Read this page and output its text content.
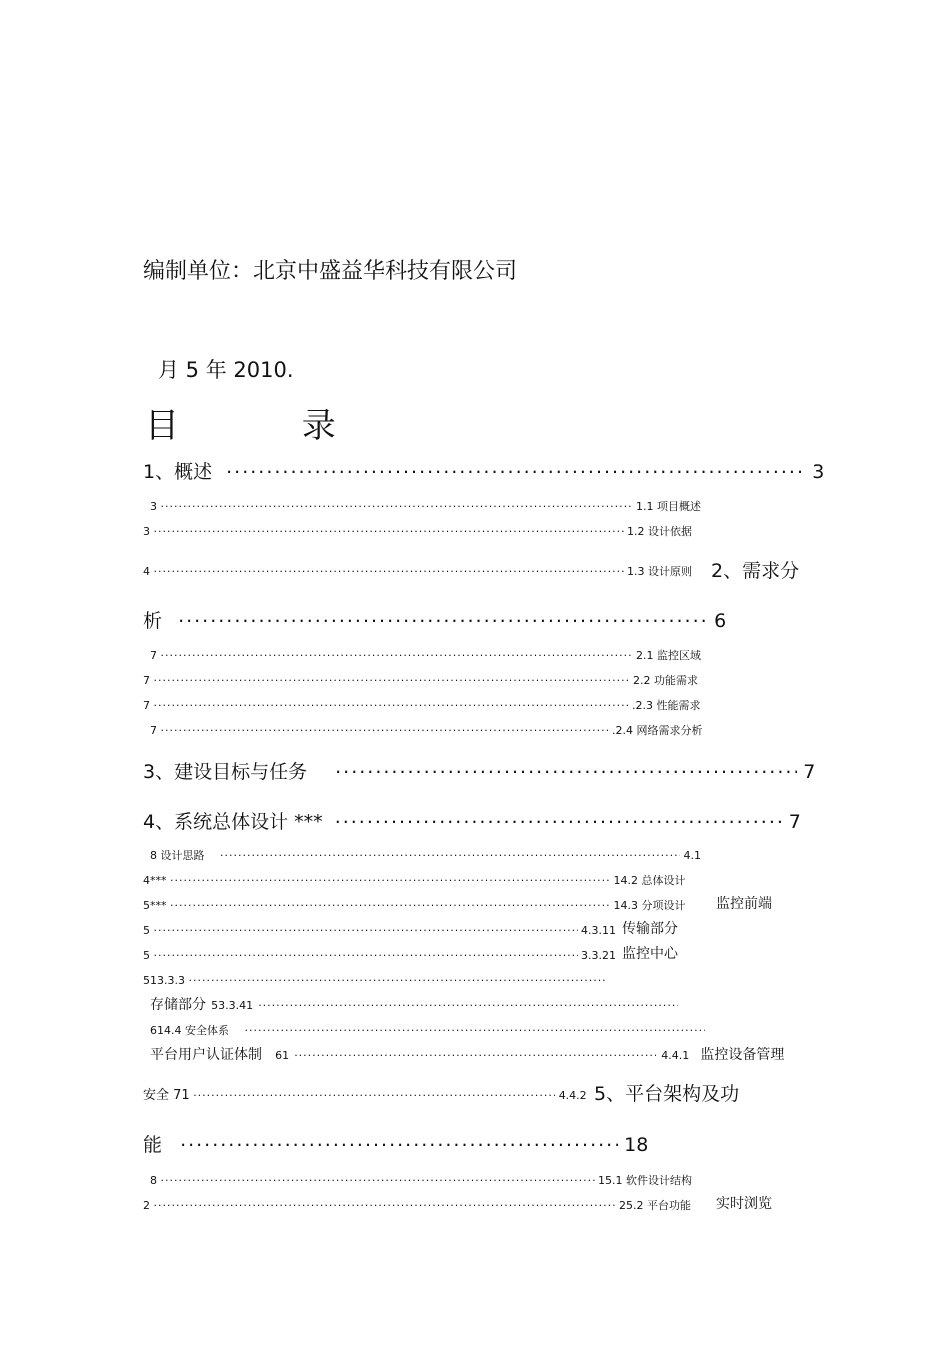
编制单位：北京中盛益华科技有限公司
月 5 年 2010.
目 录
1、概述 .....	3
3 .....	1.1 项目概述
3 .....	1.2 设计依据
4 .....	1.3 设计原则 2、需求分
析 .....	6
7 .....	2.1 监控区域
7 .....	2.2 功能需求
7 .....	.2.3 性能需求
7 .....	.2.4 网络需求分析
3、建设目标与任务 .....	7
4、系统总体设计 *** .....	7
8 设计思路 .....	4.1
4*** .....	14.2 总体设计
5*** .....	14.3 分项设计 监控前端
5 .....	4.3.11 传输部分
5 .....	3.3.21 监控中心
513.3.3 .....
存储部分 53.3.41 .....
614.4 安全体系 .....
平台用户认证体制 61 .....	4.4.1 监控设备管理
安全 71 .....	4.4.2 5、平台架构及功
能 .....	18
8 .....	15.1 软件设计结构
2 .....	25.2 平台功能 实时浏览
